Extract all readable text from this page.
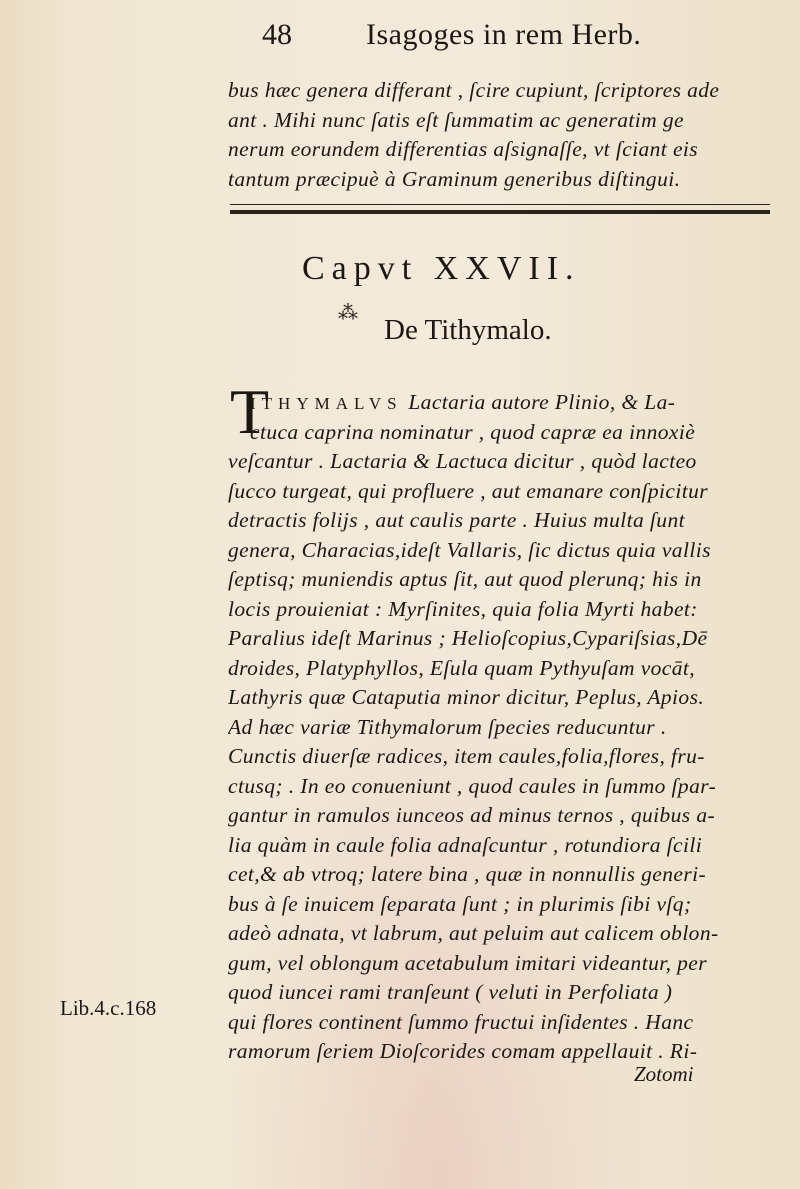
48 Isagoges in rem Herb.
bus hæc genera differant , ſcire cupiunt, ſcriptores ade
ant . Mihi nunc ſatis eſt ſummatim ac generatim ge
nerum eorundem differentias aſsignaſſe, vt ſciant eis
tantum præcipuè à Graminum generibus diſtingui.
Capvt XXVII.
⁂
De Tithymalo.
T
ITHYMALVS Lactaria autore Plinio, & La-
ctuca caprina nominatur , quod capræ ea innoxiè
veſcantur . Lactaria & Lactuca dicitur , quòd lacteo
ſucco turgeat, qui profluere , aut emanare conſpicitur
detractis folijs , aut caulis parte . Huius multa ſunt
genera, Characias,ideſt Vallaris, ſic dictus quia vallis
ſeptisq; muniendis aptus ſit, aut quod plerunq; his in
locis prouieniat : Myrſinites, quia folia Myrti habet:
Paralius ideſt Marinus ; Helioſcopius,Cypariſsias,Dē
droides, Platyphyllos, Eſula quam Pythyuſam vocāt,
Lathyris quæ Cataputia minor dicitur, Peplus, Apios.
Ad hæc variæ Tithymalorum ſpecies reducuntur .
Cunctis diuerſæ radices, item caules,folia,flores, fru-
ctusq; . In eo conueniunt , quod caules in ſummo ſpar-
gantur in ramulos iunceos ad minus ternos , quibus a-
lia quàm in caule folia adnaſcuntur , rotundiora ſcili
cet,& ab vtroq; latere bina , quæ in nonnullis generi-
bus à ſe inuicem ſeparata ſunt ; in plurimis ſibi vſq;
adeò adnata, vt labrum, aut peluim aut calicem oblon-
gum, vel oblongum acetabulum imitari videantur, per
quod iuncei rami tranſeunt ( veluti in Perfoliata )
qui flores continent ſummo fructui inſidentes . Hanc
ramorum ſeriem Dioſcorides comam appellauit . Ri-
Lib.4.c.168
Zotomi
